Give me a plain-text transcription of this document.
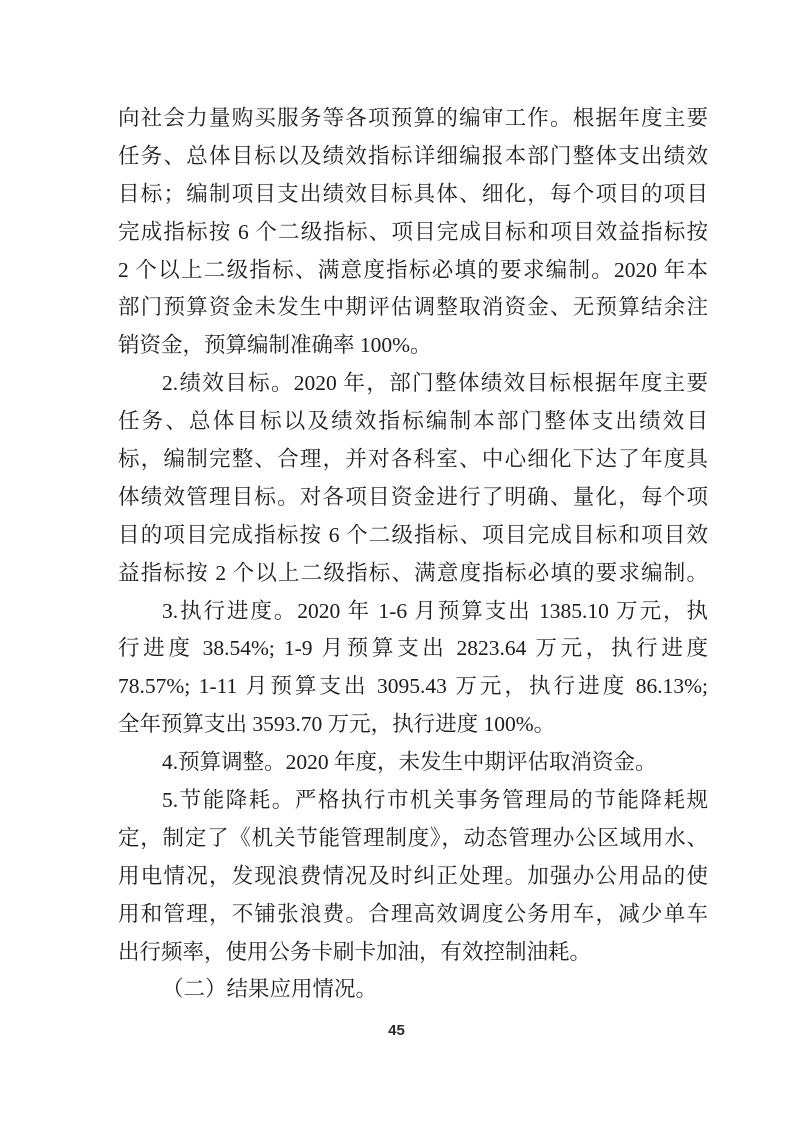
向社会力量购买服务等各项预算的编审工作。根据年度主要
任务、总体目标以及绩效指标详细编报本部门整体支出绩效
目标；编制项目支出绩效目标具体、细化，每个项目的项目
完成指标按 6 个二级指标、项目完成目标和项目效益指标按
2 个以上二级指标、满意度指标必填的要求编制。2020 年本
部门预算资金未发生中期评估调整取消资金、无预算结余注
销资金，预算编制准确率 100%。
2.绩效目标。2020 年，部门整体绩效目标根据年度主要
任务、总体目标以及绩效指标编制本部门整体支出绩效目
标，编制完整、合理，并对各科室、中心细化下达了年度具
体绩效管理目标。对各项目资金进行了明确、量化，每个项
目的项目完成指标按 6 个二级指标、项目完成目标和项目效
益指标按 2 个以上二级指标、满意度指标必填的要求编制。
3.执行进度。2020 年 1-6 月预算支出 1385.10 万元，执
行进度 38.54%; 1-9 月预算支出 2823.64 万元，执行进度
78.57%; 1-11 月预算支出 3095.43 万元，执行进度 86.13%;
全年预算支出 3593.70 万元，执行进度 100%。
4.预算调整。2020 年度，未发生中期评估取消资金。
5.节能降耗。严格执行市机关事务管理局的节能降耗规
定，制定了《机关节能管理制度》，动态管理办公区域用水、
用电情况，发现浪费情况及时纠正处理。加强办公用品的使
用和管理，不铺张浪费。合理高效调度公务用车，减少单车
出行频率，使用公务卡刷卡加油，有效控制油耗。
（二）结果应用情况。
45
